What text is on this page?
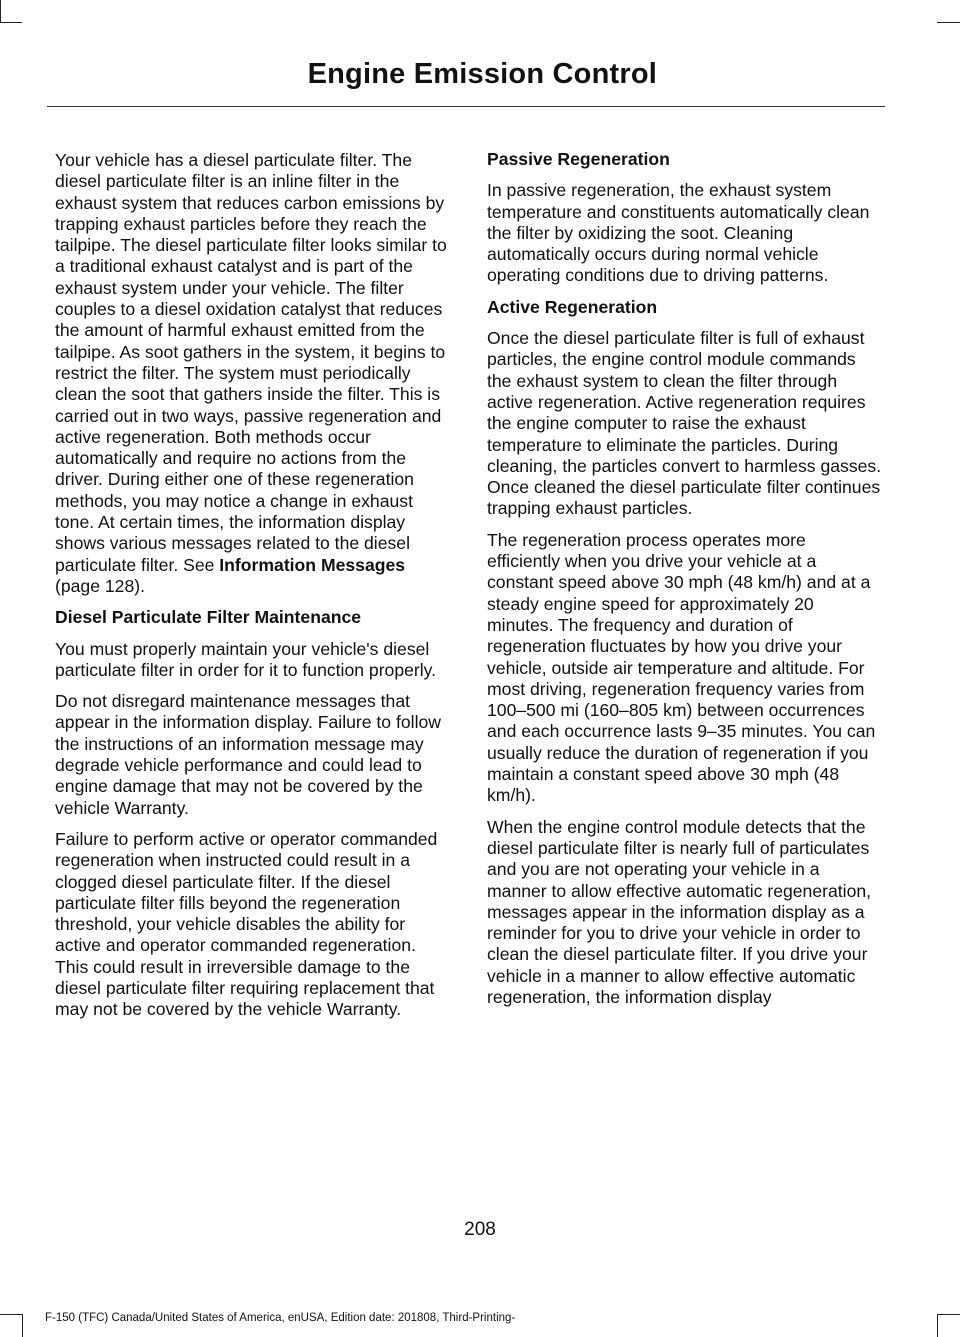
Engine Emission Control

Your vehicle has a diesel particulate filter. The diesel particulate filter is an inline filter in the exhaust system that reduces carbon emissions by trapping exhaust particles before they reach the tailpipe. The diesel particulate filter looks similar to a traditional exhaust catalyst and is part of the exhaust system under your vehicle. The filter couples to a diesel oxidation catalyst that reduces the amount of harmful exhaust emitted from the tailpipe. As soot gathers in the system, it begins to restrict the filter. The system must periodically clean the soot that gathers inside the filter. This is carried out in two ways, passive regeneration and active regeneration. Both methods occur automatically and require no actions from the driver. During either one of these regeneration methods, you may notice a change in exhaust tone. At certain times, the information display shows various messages related to the diesel particulate filter. See Information Messages (page 128).

Diesel Particulate Filter Maintenance

You must properly maintain your vehicle's diesel particulate filter in order for it to function properly.

Do not disregard maintenance messages that appear in the information display. Failure to follow the instructions of an information message may degrade vehicle performance and could lead to engine damage that may not be covered by the vehicle Warranty.

Failure to perform active or operator commanded regeneration when instructed could result in a clogged diesel particulate filter. If the diesel particulate filter fills beyond the regeneration threshold, your vehicle disables the ability for active and operator commanded regeneration. This could result in irreversible damage to the diesel particulate filter requiring replacement that may not be covered by the vehicle Warranty.

Passive Regeneration

In passive regeneration, the exhaust system temperature and constituents automatically clean the filter by oxidizing the soot. Cleaning automatically occurs during normal vehicle operating conditions due to driving patterns.

Active Regeneration

Once the diesel particulate filter is full of exhaust particles, the engine control module commands the exhaust system to clean the filter through active regeneration. Active regeneration requires the engine computer to raise the exhaust temperature to eliminate the particles. During cleaning, the particles convert to harmless gasses. Once cleaned the diesel particulate filter continues trapping exhaust particles.

The regeneration process operates more efficiently when you drive your vehicle at a constant speed above 30 mph (48 km/h) and at a steady engine speed for approximately 20 minutes. The frequency and duration of regeneration fluctuates by how you drive your vehicle, outside air temperature and altitude. For most driving, regeneration frequency varies from 100–500 mi (160–805 km) between occurrences and each occurrence lasts 9–35 minutes. You can usually reduce the duration of regeneration if you maintain a constant speed above 30 mph (48 km/h).

When the engine control module detects that the diesel particulate filter is nearly full of particulates and you are not operating your vehicle in a manner to allow effective automatic regeneration, messages appear in the information display as a reminder for you to drive your vehicle in order to clean the diesel particulate filter. If you drive your vehicle in a manner to allow effective automatic regeneration, the information display

208
F-150 (TFC) Canada/United States of America, enUSA, Edition date: 201808, Third-Printing-
